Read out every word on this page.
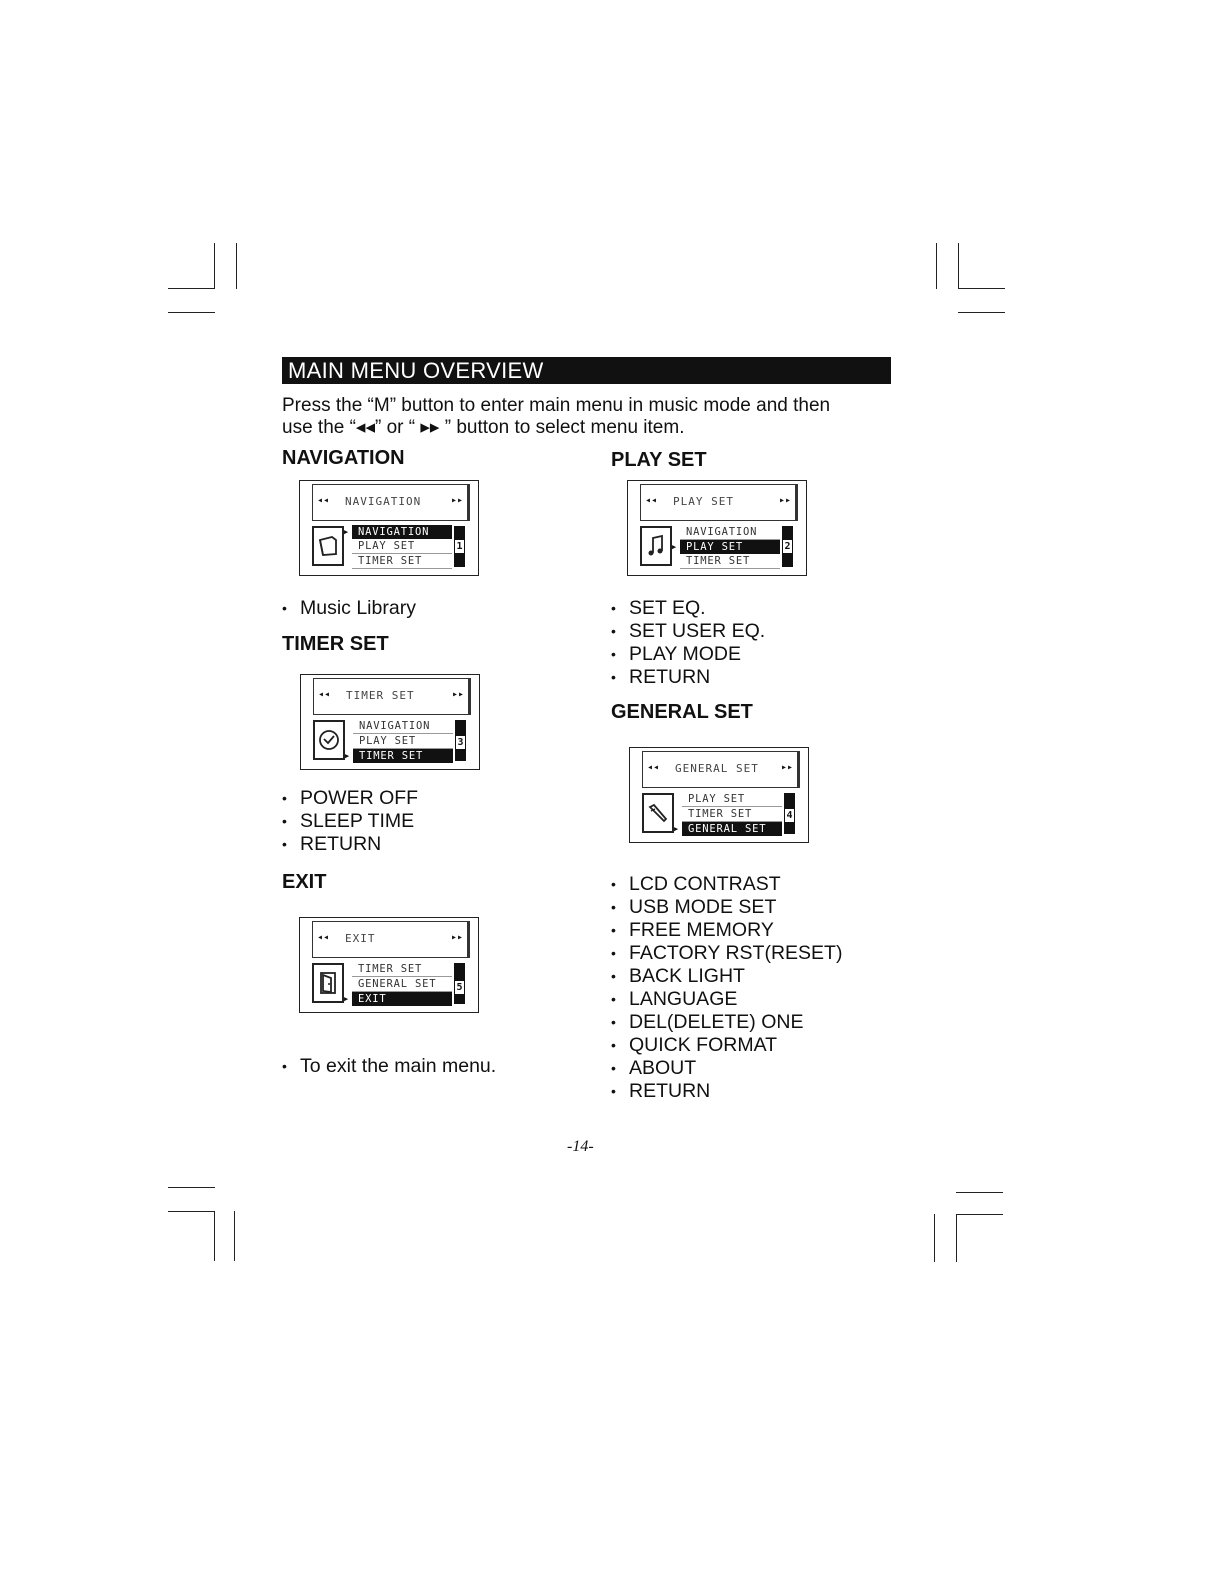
MAIN MENU OVERVIEW
Press the “M” button to enter main menu in music mode and then
use the “◂◂” or “ ▸▸ ” button to select menu item.
NAVIGATION
◂◂ NAVIGATION	▸▸
▶ NAVIGATION
PLAY SET
TIMER SET
1
• Music Library
TIMER SET
◂◂ TIMER SET	▸▸
NAVIGATION
PLAY SET
▶ TIMER SET
3
• POWER OFF
• SLEEP TIME
• RETURN
EXIT
◂◂ EXIT	▸▸
TIMER SET
GENERAL SET
▶ EXIT
5
• To exit the main menu.
PLAY SET
◂◂ PLAY SET	▸▸
NAVIGATION
▶ PLAY SET
TIMER SET
2
• SET EQ.
• SET USER EQ.
• PLAY MODE
• RETURN
GENERAL SET
◂◂ GENERAL SET ▸▸
PLAY SET
TIMER SET
▶ GENERAL SET
4
• LCD CONTRAST
• USB MODE SET
• FREE MEMORY
• FACTORY RST(RESET)
• BACK LIGHT
• LANGUAGE
• DEL(DELETE) ONE
• QUICK FORMAT
• ABOUT
• RETURN
-14-
